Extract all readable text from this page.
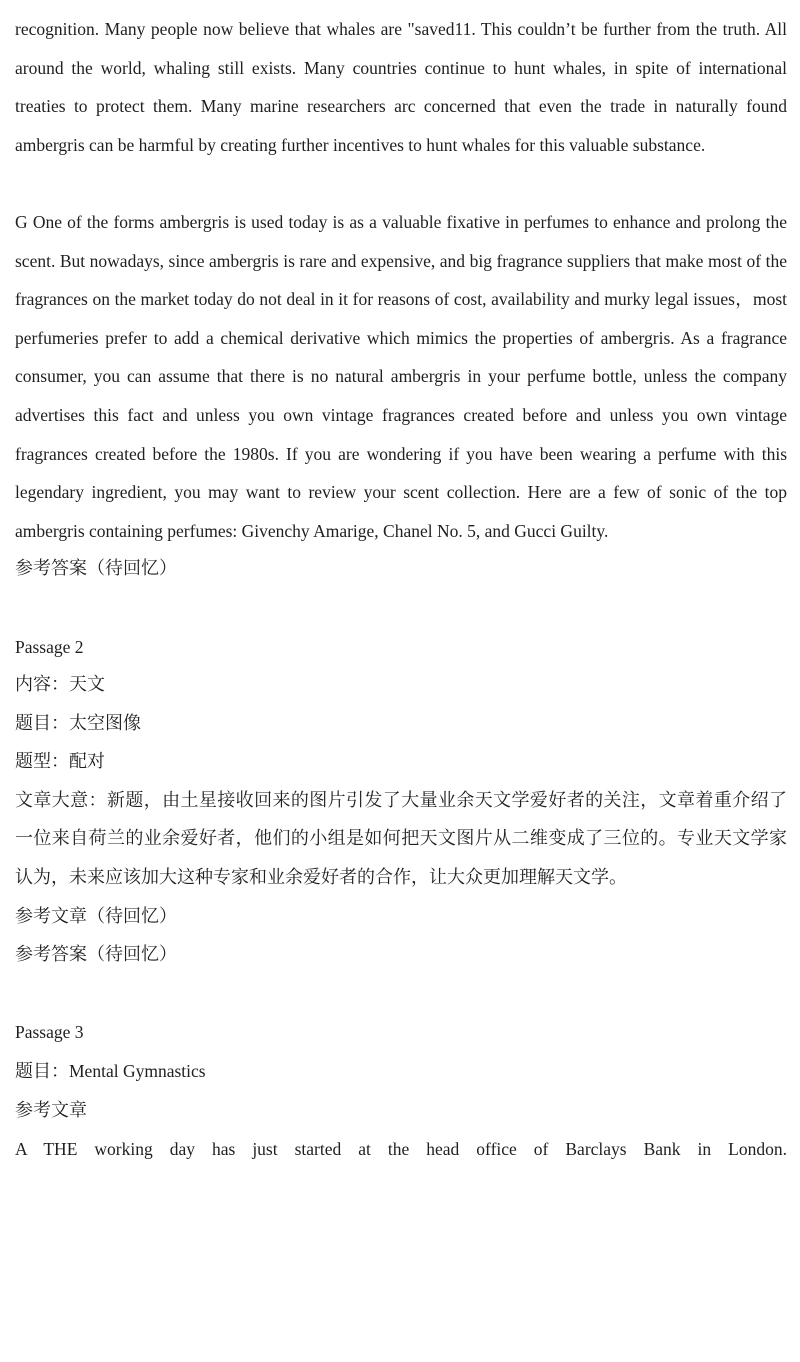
recognition. Many people now believe that whales are "saved11. This couldn’t be further from the truth. All around the world, whaling still exists. Many countries continue to hunt whales, in spite of international treaties to protect them. Many marine researchers arc concerned that even the trade in naturally found ambergris can be harmful by creating further incentives to hunt whales for this valuable substance.

G One of the forms ambergris is used today is as a valuable fixative in perfumes to enhance and prolong the scent. But nowadays, since ambergris is rare and expensive, and big fragrance suppliers that make most of the fragrances on the market today do not deal in it for reasons of cost, availability and murky legal issues，most perfumeries prefer to add a chemical derivative which mimics the properties of ambergris. As a fragrance consumer, you can assume that there is no natural ambergris in your perfume bottle, unless the company advertises this fact and unless you own vintage fragrances created before and unless you own vintage fragrances created before the 1980s. If you are wondering if you have been wearing a perfume with this legendary ingredient, you may want to review your scent collection. Here are a few of sonic of the top ambergris containing perfumes: Givenchy Amarige, Chanel No. 5, and Gucci Guilty.

参考答案（待回忆）

Passage 2

内容：天文

题目：太空图像

题型：配对

文章大意：新题，由土星接收回来的图片引发了大量业余天文学爱好者的关注，文章着重介绍了一位来自荷兰的业余爱好者，他们的小组是如何把天文图片从二维变成了三位的。专业天文学家认为，未来应该加大这种专家和业余爱好者的合作，让大众更加理解天文学。

参考文章（待回忆）

参考答案（待回忆）

Passage 3

题目：Mental Gymnastics

参考文章

A THE working day has just started at the head office of Barclays Bank in London.
